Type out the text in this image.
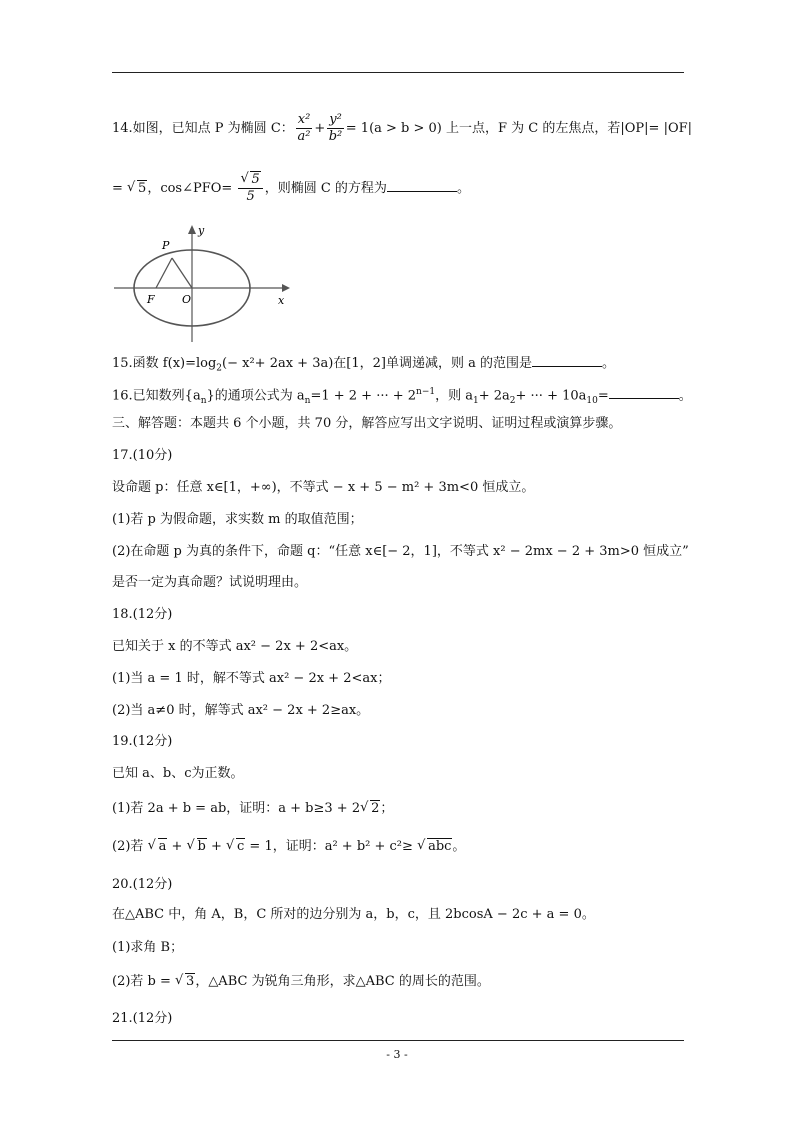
14.如图，已知点 P 为椭圆 C： $\frac{\text{x²}}{\text{a²}} + \frac{\text{y²}}{\text{b²}} = 1(a > b > 0)$ 上一点，F 为 C 的左焦点，若|OP|= |OF|
= √ 5，cos∠PFO= √ $\frac{5}{5}$ ，则椭圆 C 的方程为	。
P
F O	x
y
15.函数 $f(x)=\log_2(- x^2+ 2ax + 3a)$在[1，2]单调递减，则 a 的范围是	。
16.已知数列$\{a_n\}$的通项公式为 $a_n=1 + 2$ + ··· + $2^{n-1}$，则 $a_1+ 2a_2+$ ··· + $10a_{10}=$	。
三、解答题：本题共 6 个小题，共 70 分，解答应写出文字说明、证明过程或演算步骤。
17.(10分)
设命题 p：任意 x∈[1，+∞)，不等式 − x + 5 − m² + 3m<0 恒成立。
(1)若 p 为假命题，求实数 m 的取值范围；
(2)在命题 p 为真的条件下，命题 q：“任意 x∈[− 2，1]，不等式 x² − 2mx − 2 + 3m>0 恒成立”
是否一定为真命题？试说明理由。
18.(12分)
已知关于 x 的不等式 ax² − 2x + 2<ax。
(1)当 a = 1 时，解不等式 ax² − 2x + 2<ax；
(2)当 a≠0 时，解等式 ax² − 2x + 2≥ax。
19.(12分)
已知 a、b、c为正数。
(1)若 2a + b = ab，证明：a + b≥3 + 2 √ 2；
(2)若 √ a + √ b + √ c = 1，证明：a² + b² + c²≥ √ abc。
20.(12分)
在△ABC 中，角 A，B，C 所对的边分别为 a，b，c，且 2bcosA − 2c + a = 0。
(1)求角 B；
(2)若 b = √ 3，△ABC 为锐角三角形，求△ABC 的周长的范围。
21.(12分)
- 3 -
